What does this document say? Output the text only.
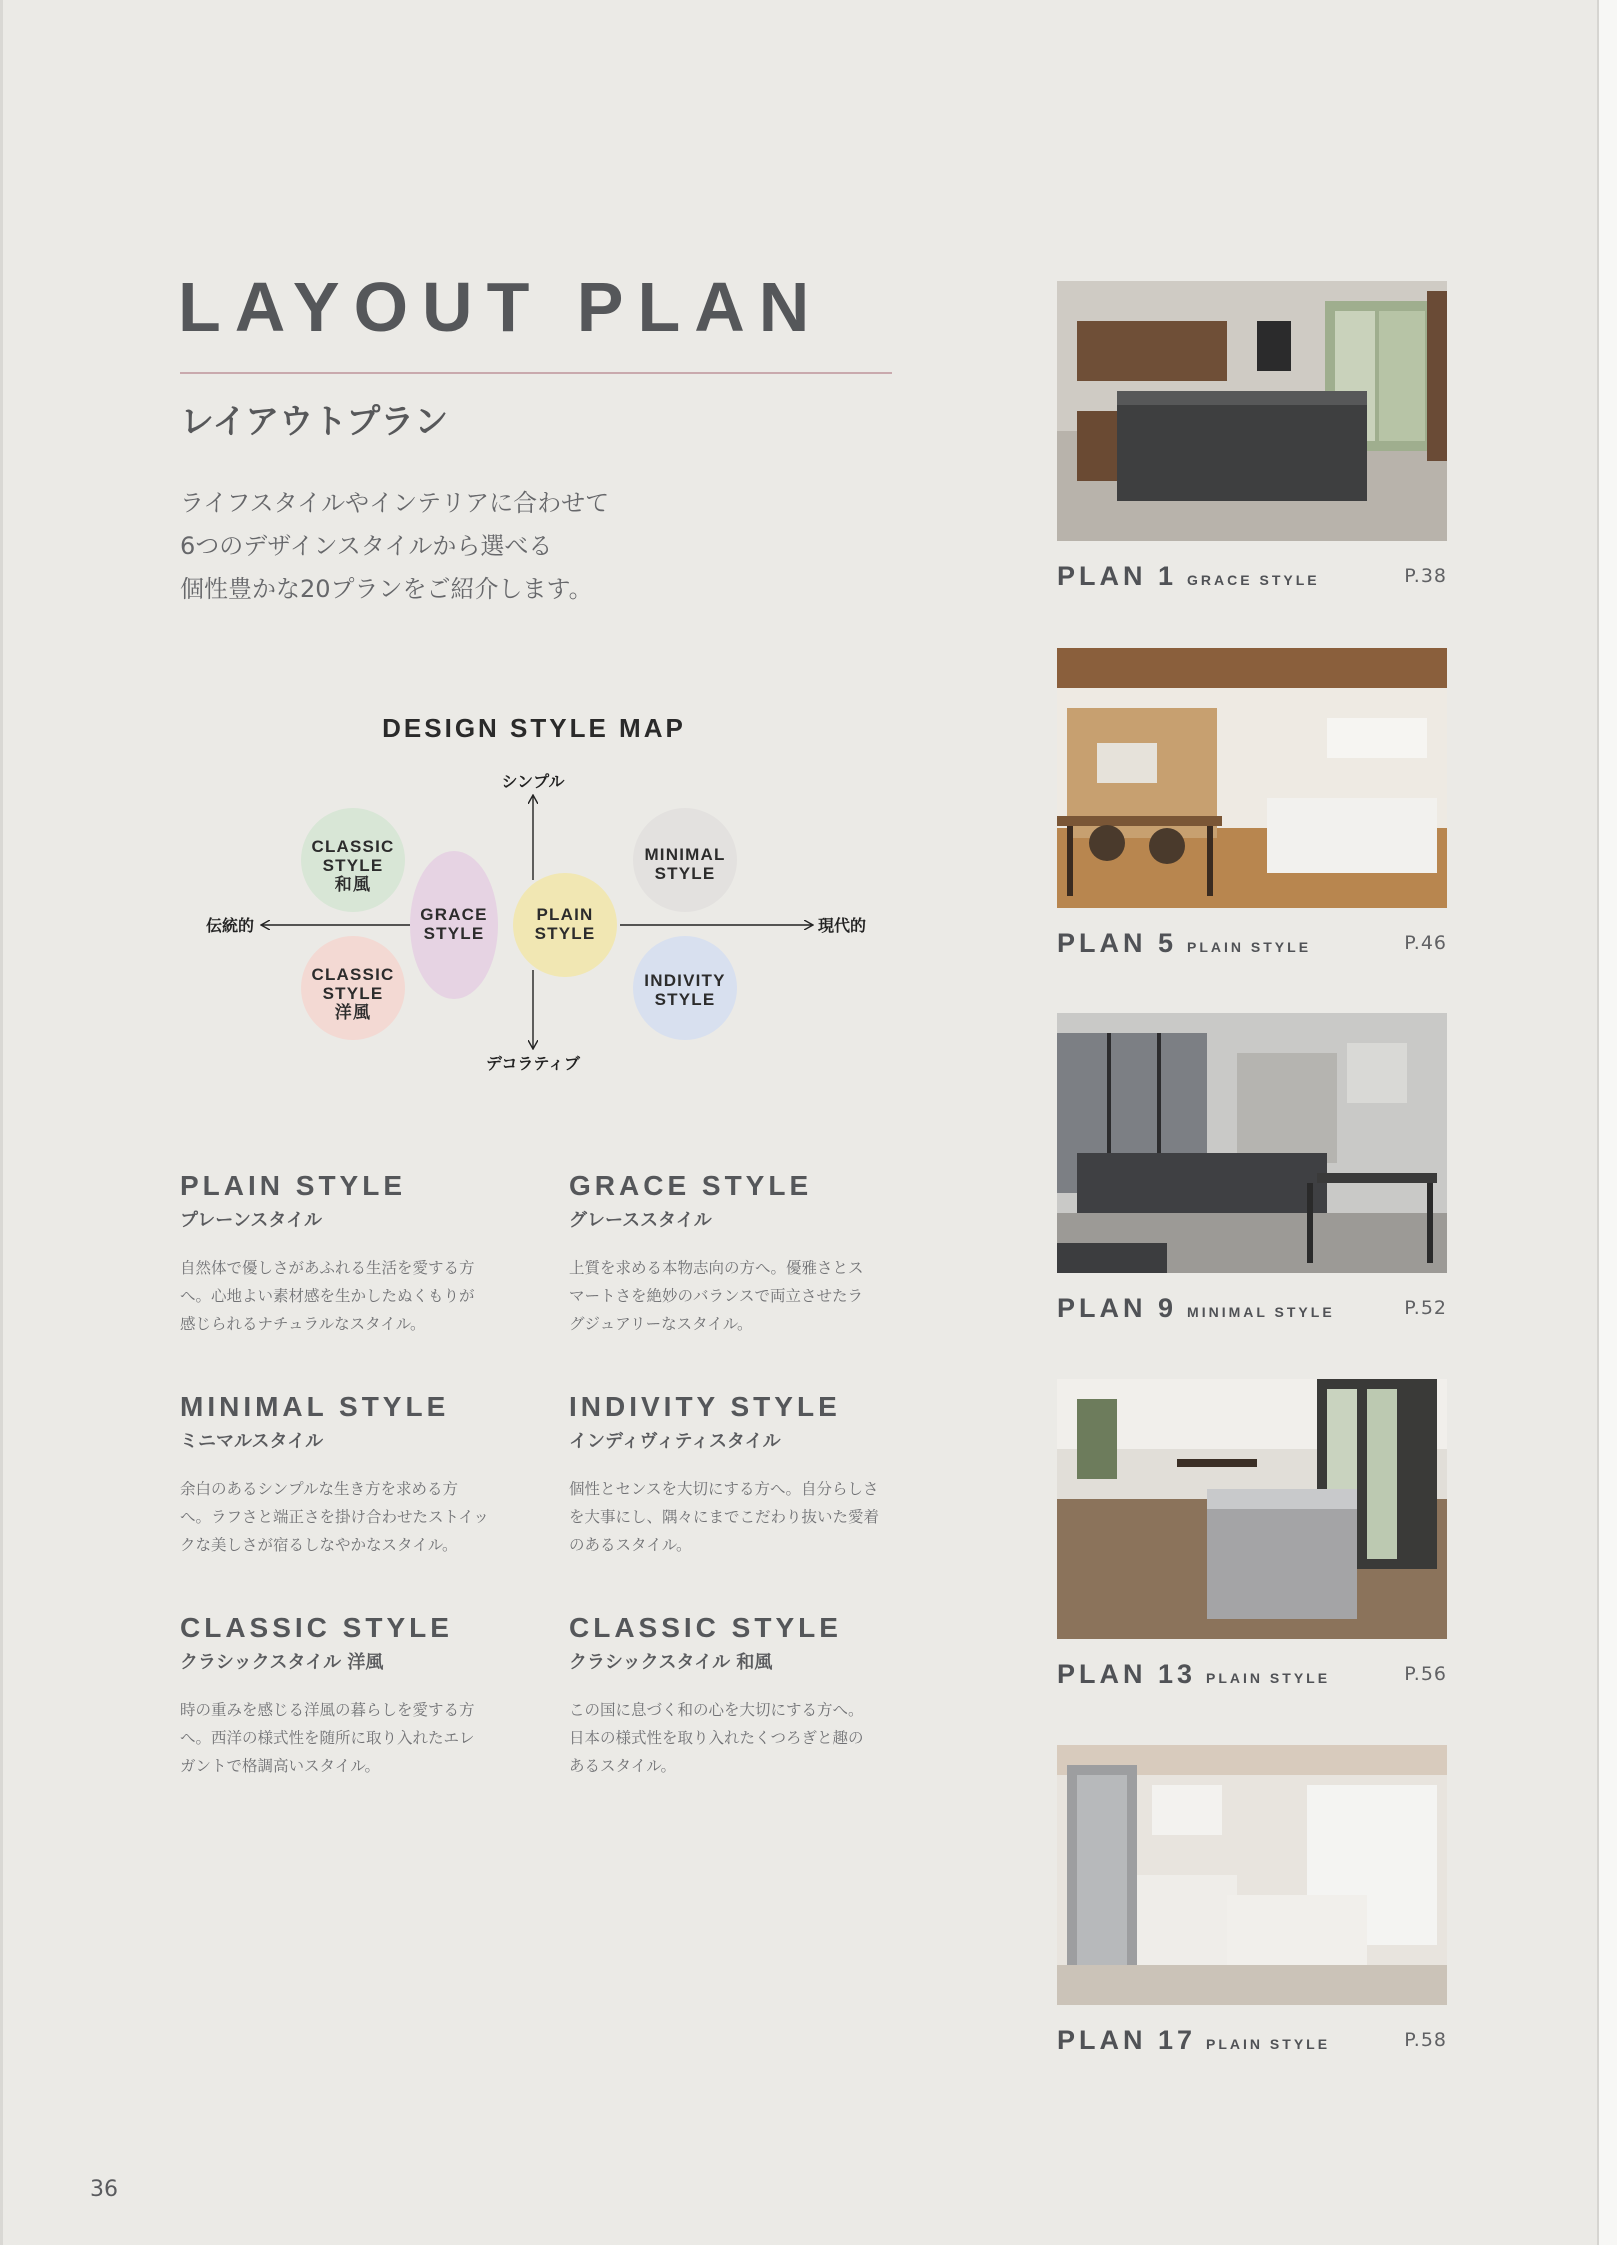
LAYOUT PLAN
レイアウトプラン
ライフスタイルやインテリアに合わせて
6つのデザインスタイルから選べる
個性豊かな20プランをご紹介します。
DESIGN STYLE MAP
シンプル
デコラティブ
伝統的	現代的
CLASSIC
STYLE
和風
CLASSIC
STYLE
洋風
GRACE
STYLE
PLAIN
STYLE
MINIMAL
STYLE
INDIVITY
STYLE
PLAIN STYLE
プレーンスタイル
自然体で優しさがあふれる生活を愛する方
へ。心地よい素材感を生かしたぬくもりが
感じられるナチュラルなスタイル。
GRACE STYLE
グレーススタイル
上質を求める本物志向の方へ。優雅さとス
マートさを絶妙のバランスで両立させたラ
グジュアリーなスタイル。
MINIMAL STYLE
ミニマルスタイル
余白のあるシンプルな生き方を求める方
へ。ラフさと端正さを掛け合わせたストイッ
クな美しさが宿るしなやかなスタイル。
INDIVITY STYLE
インディヴィティスタイル
個性とセンスを大切にする方へ。自分らしさ
を大事にし、隅々にまでこだわり抜いた愛着
のあるスタイル。
CLASSIC STYLE
クラシックスタイル 洋風
時の重みを感じる洋風の暮らしを愛する方
へ。西洋の様式性を随所に取り入れたエレ
ガントで格調高いスタイル。
CLASSIC STYLE
クラシックスタイル 和風
この国に息づく和の心を大切にする方へ。
日本の様式性を取り入れたくつろぎと趣の
あるスタイル。
PLAN 1 GRACE STYLE	P.38
PLAN 5 PLAIN STYLE	P.46
PLAN 9 MINIMAL STYLE	P.52
PLAN 13 PLAIN STYLE	P.56
PLAN 17 PLAIN STYLE	P.58
36
